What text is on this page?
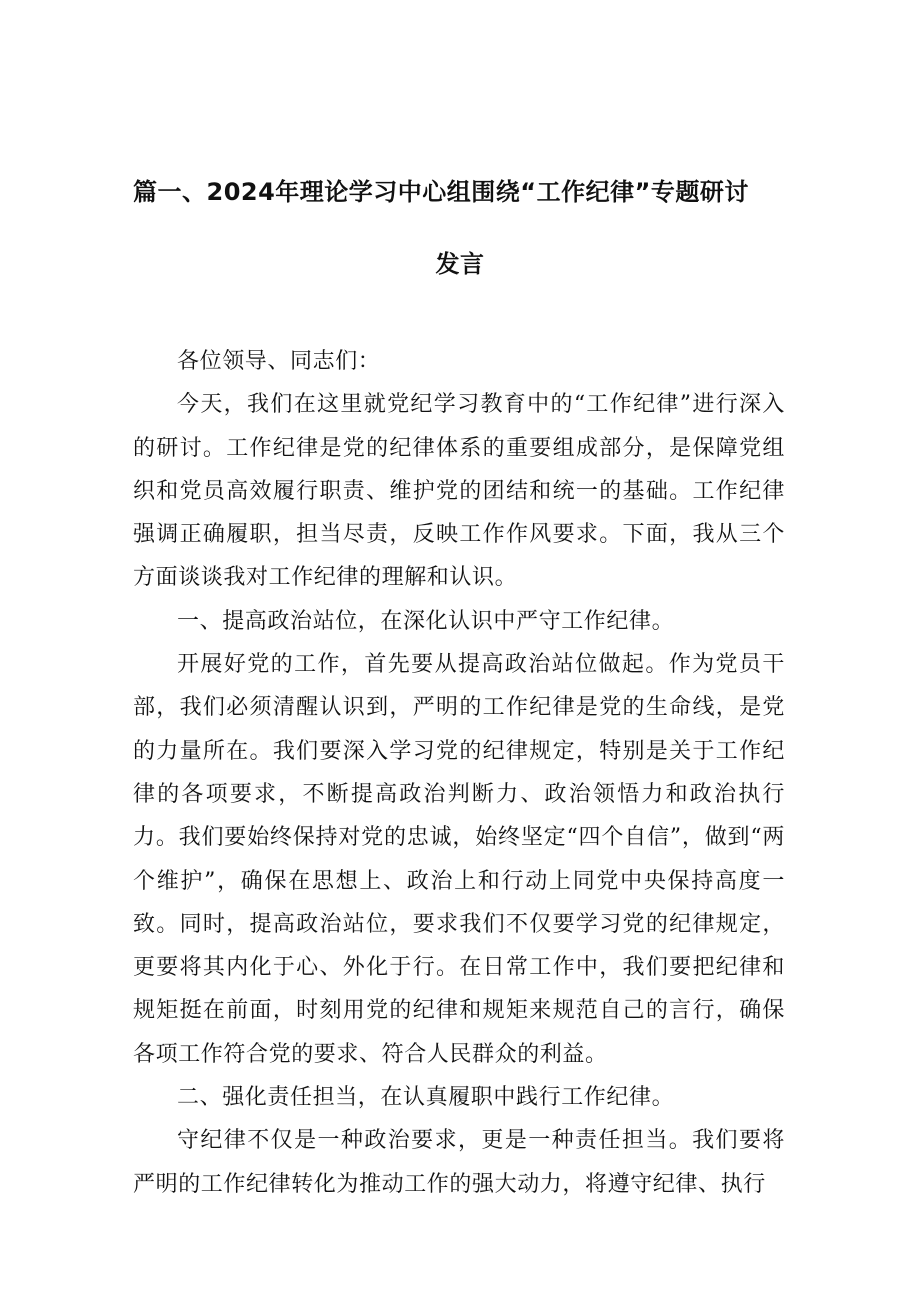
篇一、2024年理论学习中心组围绕“工作纪律”专题研讨
发言

各位领导、同志们：

今天，我们在这里就党纪学习教育中的“工作纪律”进行深入的研讨。工作纪律是党的纪律体系的重要组成部分，是保障党组织和党员高效履行职责、维护党的团结和统一的基础。工作纪律强调正确履职，担当尽责，反映工作作风要求。下面，我从三个方面谈谈我对工作纪律的理解和认识。

一、提高政治站位，在深化认识中严守工作纪律。

开展好党的工作，首先要从提高政治站位做起。作为党员干部，我们必须清醒认识到，严明的工作纪律是党的生命线，是党的力量所在。我们要深入学习党的纪律规定，特别是关于工作纪律的各项要求，不断提高政治判断力、政治领悟力和政治执行力。我们要始终保持对党的忠诚，始终坚定“四个自信”，做到“两个维护”，确保在思想上、政治上和行动上同党中央保持高度一致。同时，提高政治站位，要求我们不仅要学习党的纪律规定，更要将其内化于心、外化于行。在日常工作中，我们要把纪律和规矩挺在前面，时刻用党的纪律和规矩来规范自己的言行，确保各项工作符合党的要求、符合人民群众的利益。

二、强化责任担当，在认真履职中践行工作纪律。

守纪律不仅是一种政治要求，更是一种责任担当。我们要将严明的工作纪律转化为推动工作的强大动力，将遵守纪律、执行
